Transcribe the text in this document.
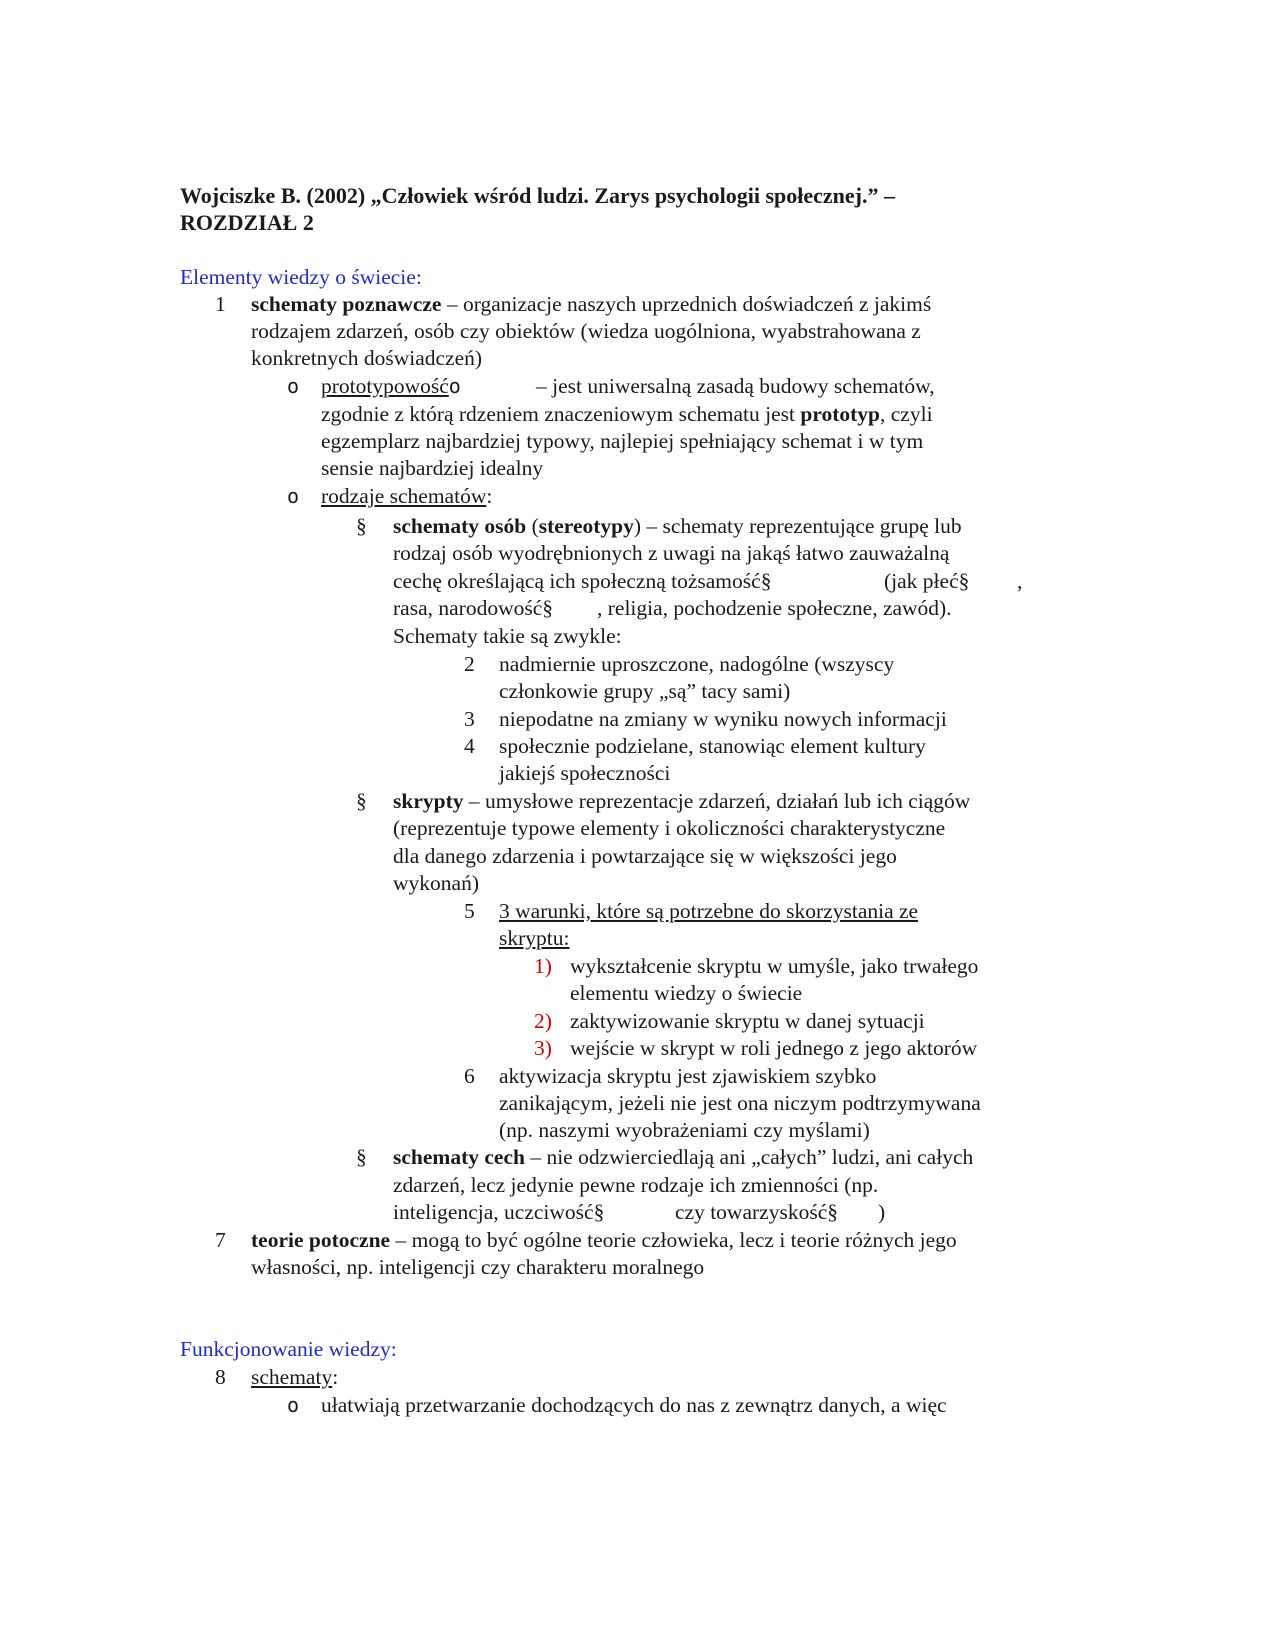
Wojciszke B. (2002) „Człowiek wśród ludzi. Zarys psychologii społecznej.” –
ROZDZIAŁ 2
Elementy wiedzy o świecie:
1 schematy poznawcze – organizacje naszych uprzednich doświadczeń z jakimś
rodzajem zdarzeń, osób czy obiektów (wiedza uogólniona, wyabstrahowana z
konkretnych doświadczeń)
o prototypowośćo	– jest uniwersalną zasadą budowy schematów,
zgodnie z którą rdzeniem znaczeniowym schematu jest prototyp, czyli
egzemplarz najbardziej typowy, najlepiej spełniający schemat i w tym
sensie najbardziej idealny
o rodzaje schematów:
§ schematy osób (stereotypy) – schematy reprezentujące grupę lub
rodzaj osób wyodrębnionych z uwagi na jakąś łatwo zauważalną
cechę określającą ich społeczną tożsamość§	(jak płeć§ ,
rasa, narodowość§ , religia, pochodzenie społeczne, zawód).
Schematy takie są zwykle:
2 nadmiernie uproszczone, nadogólne (wszyscy
członkowie grupy „są” tacy sami)
3 niepodatne na zmiany w wyniku nowych informacji
4 społecznie podzielane, stanowiąc element kultury
jakiejś społeczności
§ skrypty – umysłowe reprezentacje zdarzeń, działań lub ich ciągów
(reprezentuje typowe elementy i okoliczności charakterystyczne
dla danego zdarzenia i powtarzające się w większości jego
wykonań)
5 3 warunki, które są potrzebne do skorzystania ze
skryptu:
1) wykształcenie skryptu w umyśle, jako trwałego
elementu wiedzy o świecie
2) zaktywizowanie skryptu w danej sytuacji
3) wejście w skrypt w roli jednego z jego aktorów
6 aktywizacja skryptu jest zjawiskiem szybko
zanikającym, jeżeli nie jest ona niczym podtrzymywana
(np. naszymi wyobrażeniami czy myślami)
§ schematy cech – nie odzwierciedlają ani „całych” ludzi, ani całych
zdarzeń, lecz jedynie pewne rodzaje ich zmienności (np.
inteligencja, uczciwość§	czy towarzyskość§ )
7 teorie potoczne – mogą to być ogólne teorie człowieka, lecz i teorie różnych jego
własności, np. inteligencji czy charakteru moralnego
Funkcjonowanie wiedzy:
8 schematy:
o ułatwiają przetwarzanie dochodzących do nas z zewnątrz danych, a więc
